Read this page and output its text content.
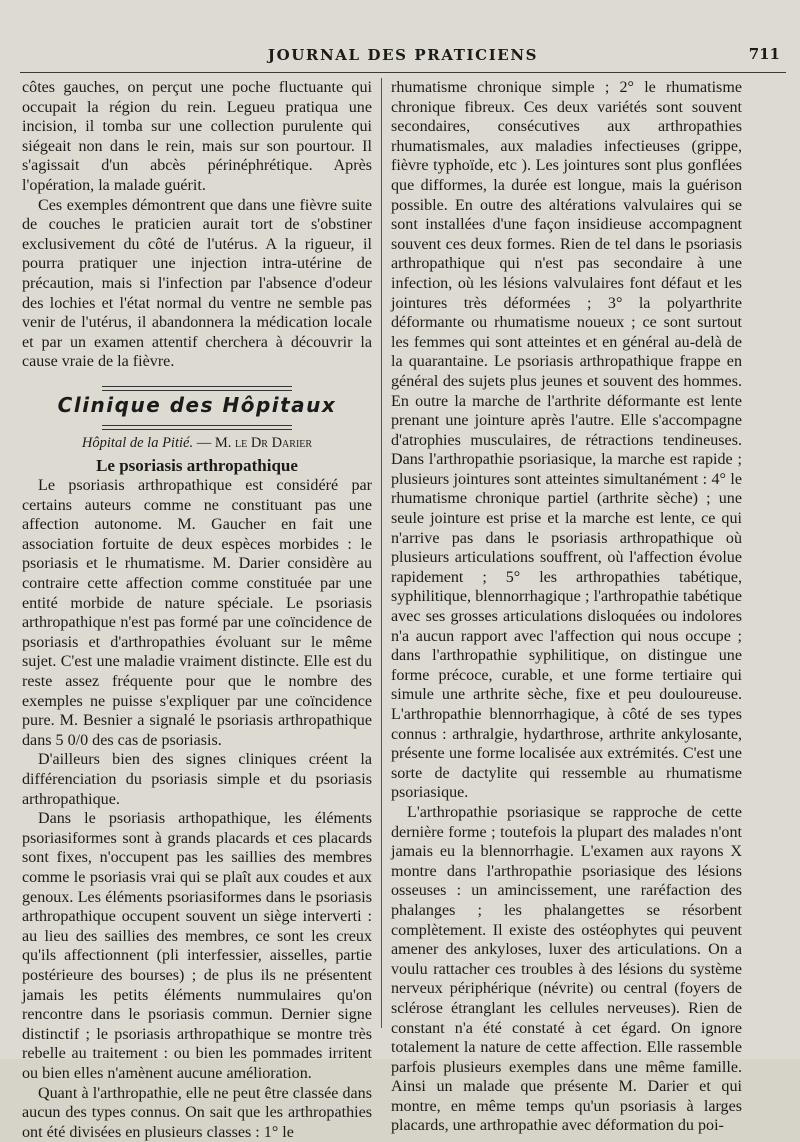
JOURNAL DES PRATICIENS	711

côtes gauches, on perçut une poche fluctuante qui occupait la région du rein. Legueu pratiqua une incision, il tomba sur une collection purulente qui siégeait non dans le rein, mais sur son pourtour. Il s'agissait d'un abcès périnéphrétique. Après l'opération, la malade guérit.

Ces exemples démontrent que dans une fièvre suite de couches le praticien aurait tort de s'obstiner exclusivement du côté de l'utérus. A la rigueur, il pourra pratiquer une injection intra-utérine de précaution, mais si l'infection par l'absence d'odeur des lochies et l'état normal du ventre ne semble pas venir de l'utérus, il abandonnera la médication locale et par un examen attentif cherchera à découvrir la cause vraie de la fièvre.

Clinique des Hôpitaux
Hôpital de la Pitié. — M. le Dr Darier
Le psoriasis arthropathique

Le psoriasis arthropathique est considéré par certains auteurs comme ne constituant pas une affection autonome. M. Gaucher en fait une association fortuite de deux espèces morbides : le psoriasis et le rhumatisme. M. Darier considère au contraire cette affection comme constituée par une entité morbide de nature spéciale. Le psoriasis arthropathique n'est pas formé par une coïncidence de psoriasis et d'arthropathies évoluant sur le même sujet. C'est une maladie vraiment distincte. Elle est du reste assez fréquente pour que le nombre des exemples ne puisse s'expliquer par une coïncidence pure. M. Besnier a signalé le psoriasis arthropathique dans 5 0/0 des cas de psoriasis.

D'ailleurs bien des signes cliniques créent la différenciation du psoriasis simple et du psoriasis arthropathique.

Dans le psoriasis arthopathique, les éléments psoriasiformes sont à grands placards et ces placards sont fixes, n'occupent pas les saillies des membres comme le psoriasis vrai qui se plaît aux coudes et aux genoux. Les éléments psoriasiformes dans le psoriasis arthropathique occupent souvent un siège interverti : au lieu des saillies des membres, ce sont les creux qu'ils affectionnent (pli interfessier, aisselles, partie postérieure des bourses) ; de plus ils ne présentent jamais les petits éléments nummulaires qu'on rencontre dans le psoriasis commun. Dernier signe distinctif ; le psoriasis arthropathique se montre très rebelle au traitement : ou bien les pommades irritent ou bien elles n'amènent aucune amélioration.

Quant à l'arthropathie, elle ne peut être classée dans aucun des types connus. On sait que les arthropathies ont été divisées en plusieurs classes : 1° le

rhumatisme chronique simple ; 2° le rhumatisme chronique fibreux. Ces deux variétés sont souvent secondaires, consécutives aux arthropathies rhumatismales, aux maladies infectieuses (grippe, fièvre typhoïde, etc ). Les jointures sont plus gonflées que difformes, la durée est longue, mais la guérison possible. En outre des altérations valvulaires qui se sont installées d'une façon insidieuse accompagnent souvent ces deux formes. Rien de tel dans le psoriasis arthropathique qui n'est pas secondaire à une infection, où les lésions valvulaires font défaut et les jointures très déformées ; 3° la polyarthrite déformante ou rhumatisme noueux ; ce sont surtout les femmes qui sont atteintes et en général au-delà de la quarantaine. Le psoriasis arthropathique frappe en général des sujets plus jeunes et souvent des hommes. En outre la marche de l'arthrite déformante est lente prenant une jointure après l'autre. Elle s'accompagne d'atrophies musculaires, de rétractions tendineuses. Dans l'arthropathie psoriasique, la marche est rapide ; plusieurs jointures sont atteintes simultanément : 4° le rhumatisme chronique partiel (arthrite sèche) ; une seule jointure est prise et la marche est lente, ce qui n'arrive pas dans le psoriasis arthropathique où plusieurs articulations souffrent, où l'affection évolue rapidement ; 5° les arthropathies tabétique, syphilitique, blennorrhagique ; l'arthropathie tabétique avec ses grosses articulations disloquées ou indolores n'a aucun rapport avec l'affection qui nous occupe ; dans l'arthropathie syphilitique, on distingue une forme précoce, curable, et une forme tertiaire qui simule une arthrite sèche, fixe et peu douloureuse. L'arthropathie blennorrhagique, à côté de ses types connus : arthralgie, hydarthrose, arthrite ankylosante, présente une forme localisée aux extrémités. C'est une sorte de dactylite qui ressemble au rhumatisme psoriasique.

L'arthropathie psoriasique se rapproche de cette dernière forme ; toutefois la plupart des malades n'ont jamais eu la blennorrhagie. L'examen aux rayons X montre dans l'arthropathie psoriasique des lésions osseuses : un amincissement, une raréfaction des phalanges ; les phalangettes se résorbent complètement. Il existe des ostéophytes qui peuvent amener des ankyloses, luxer des articulations. On a voulu rattacher ces troubles à des lésions du système nerveux périphérique (névrite) ou central (foyers de sclérose étranglant les cellules nerveuses). Rien de constant n'a été constaté à cet égard. On ignore totalement la nature de cette affection. Elle rassemble parfois plusieurs exemples dans une même famille. Ainsi un malade que présente M. Darier et qui montre, en même temps qu'un psoriasis à larges placards, une arthropathie avec déformation du poi-
